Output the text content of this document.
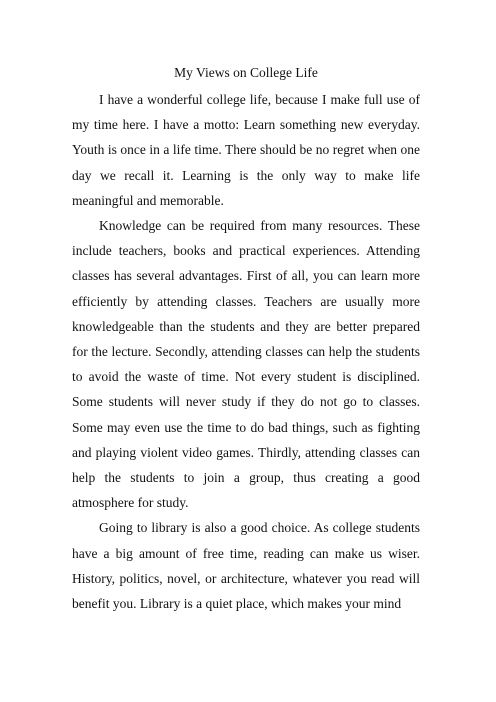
My Views on College Life

I have a wonderful college life, because I make full use of my time here. I have a motto: Learn something new everyday. Youth is once in a life time. There should be no regret when one day we recall it. Learning is the only way to make life meaningful and memorable.

Knowledge can be required from many resources. These include teachers, books and practical experiences. Attending classes has several advantages. First of all, you can learn more efficiently by attending classes. Teachers are usually more knowledgeable than the students and they are better prepared for the lecture. Secondly, attending classes can help the students to avoid the waste of time. Not every student is disciplined. Some students will never study if they do not go to classes. Some may even use the time to do bad things, such as fighting and playing violent video games. Thirdly, attending classes can help the students to join a group, thus creating a good atmosphere for study.

Going to library is also a good choice. As college students have a big amount of free time, reading can make us wiser. History, politics, novel, or architecture, whatever you read will benefit you. Library is a quiet place, which makes your mind
